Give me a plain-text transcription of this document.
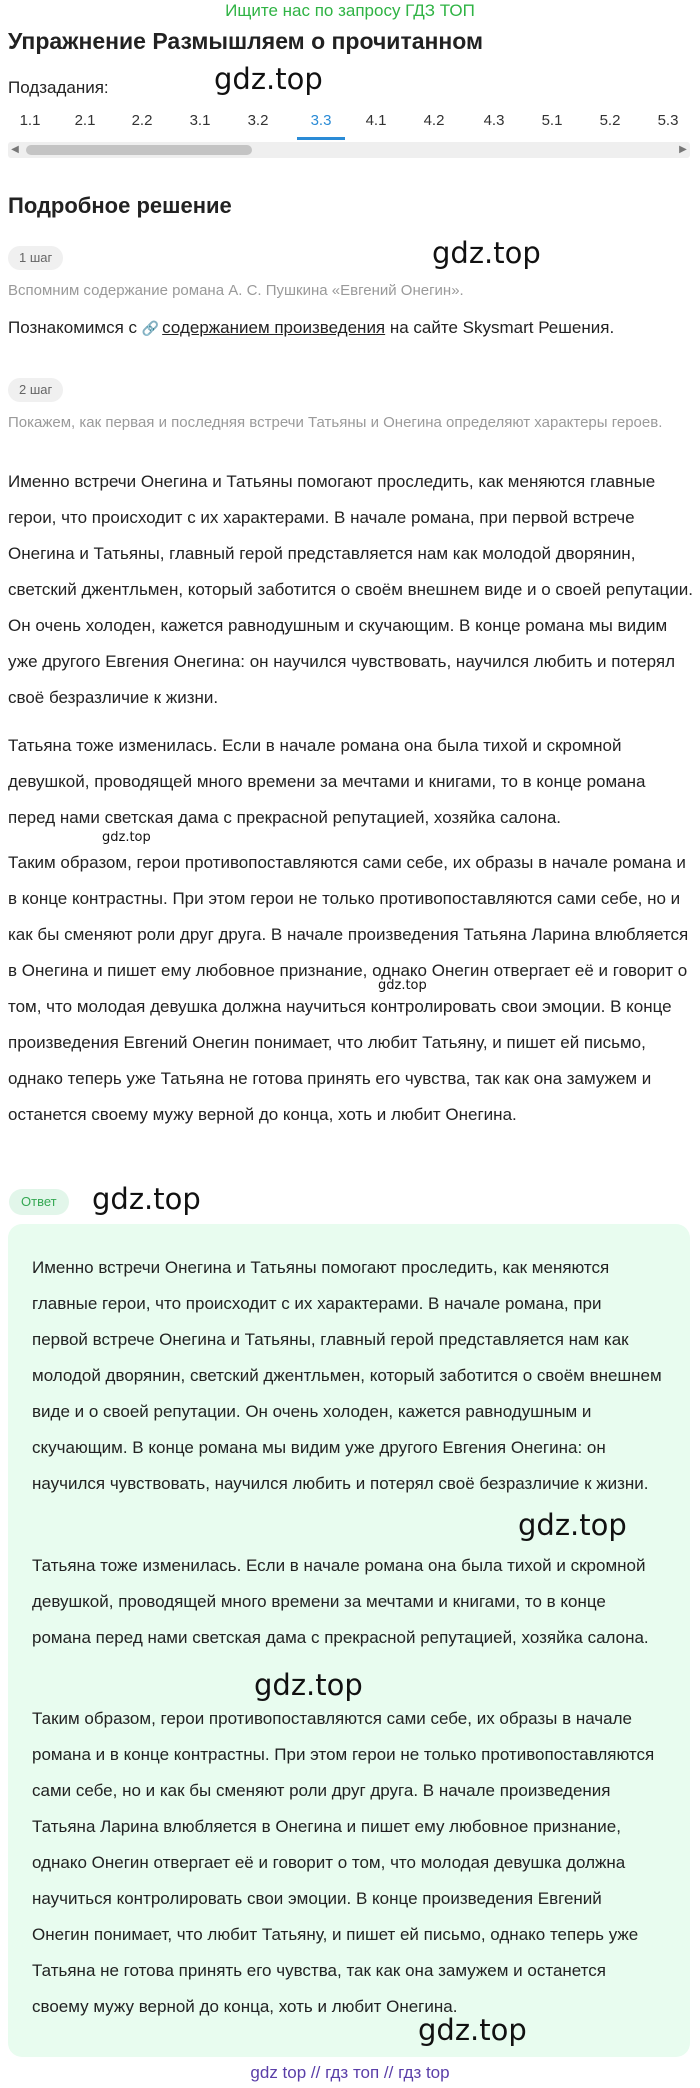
Ищите нас по запросу ГДЗ ТОП
Упражнение Размышляем о прочитанном
gdz.top
Подзадания:
1.1	2.1	2.2	3.1	3.2	3.3	4.1	4.2	4.3	5.1	5.2	5.3
◀	▶
Подробное решение
1 шаг	gdz.top
Вспомним содержание романа А. С. Пушкина «Евгений Онегин».
Познакомимся с 🔗 содержанием произведения на сайте Skysmart Решения.
2 шаг
Покажем, как первая и последняя встречи Татьяны и Онегина определяют характеры героев.

Именно встречи Онегина и Татьяны помогают проследить, как меняются главные герои, что происходит с их характерами. В начале романа, при первой встрече Онегина и Татьяны, главный герой представляется нам как молодой дворянин, светский джентльмен, который заботится о своём внешнем виде и о своей репутации. Он очень холоден, кажется равнодушным и скучающим. В конце романа мы видим уже другого Евгения Онегина: он научился чувствовать, научился любить и потерял своё безразличие к жизни.

Татьяна тоже изменилась. Если в начале романа она была тихой и скромной девушкой, проводящей много времени за мечтами и книгами, то в конце романа перед нами светская дама с прекрасной репутацией, хозяйка салона.

gdz.top

Таким образом, герои противопоставляются сами себе, их образы в начале романа и в конце контрастны. При этом герои не только противопоставляются сами себе, но и как бы сменяют роли друг друга. В начале произведения Татьяна Ларина влюбляется в Онегина и пишет ему любовное признание, однако Онегин отвергает её и говорит о том, что молодая девушка должна научиться контролировать свои эмоции. В конце произведения Евгений Онегин понимает, что любит Татьяну, и пишет ей письмо, однако теперь уже Татьяна не готова принять его чувства, так как она замужем и останется своему мужу верной до конца, хоть и любит Онегина.

gdz.top
Ответ	gdz.top

Именно встречи Онегина и Татьяны помогают проследить, как меняются главные герои, что происходит с их характерами. В начале романа, при первой встрече Онегина и Татьяны, главный герой представляется нам как молодой дворянин, светский джентльмен, который заботится о своём внешнем виде и о своей репутации. Он очень холоден, кажется равнодушным и скучающим. В конце романа мы видим уже другого Евгения Онегина: он научился чувствовать, научился любить и потерял своё безразличие к жизни.

gdz.top

Татьяна тоже изменилась. Если в начале романа она была тихой и скромной девушкой, проводящей много времени за мечтами и книгами, то в конце романа перед нами светская дама с прекрасной репутацией, хозяйка салона.

gdz.top

Таким образом, герои противопоставляются сами себе, их образы в начале романа и в конце контрастны. При этом герои не только противопоставляются сами себе, но и как бы сменяют роли друг друга. В начале произведения Татьяна Ларина влюбляется в Онегина и пишет ему любовное признание, однако Онегин отвергает её и говорит о том, что молодая девушка должна научиться контролировать свои эмоции. В конце произведения Евгений Онегин понимает, что любит Татьяну, и пишет ей письмо, однако теперь уже Татьяна не готова принять его чувства, так как она замужем и останется своему мужу верной до конца, хоть и любит Онегина.

gdz.top
gdz top // гдз топ // гдз top
